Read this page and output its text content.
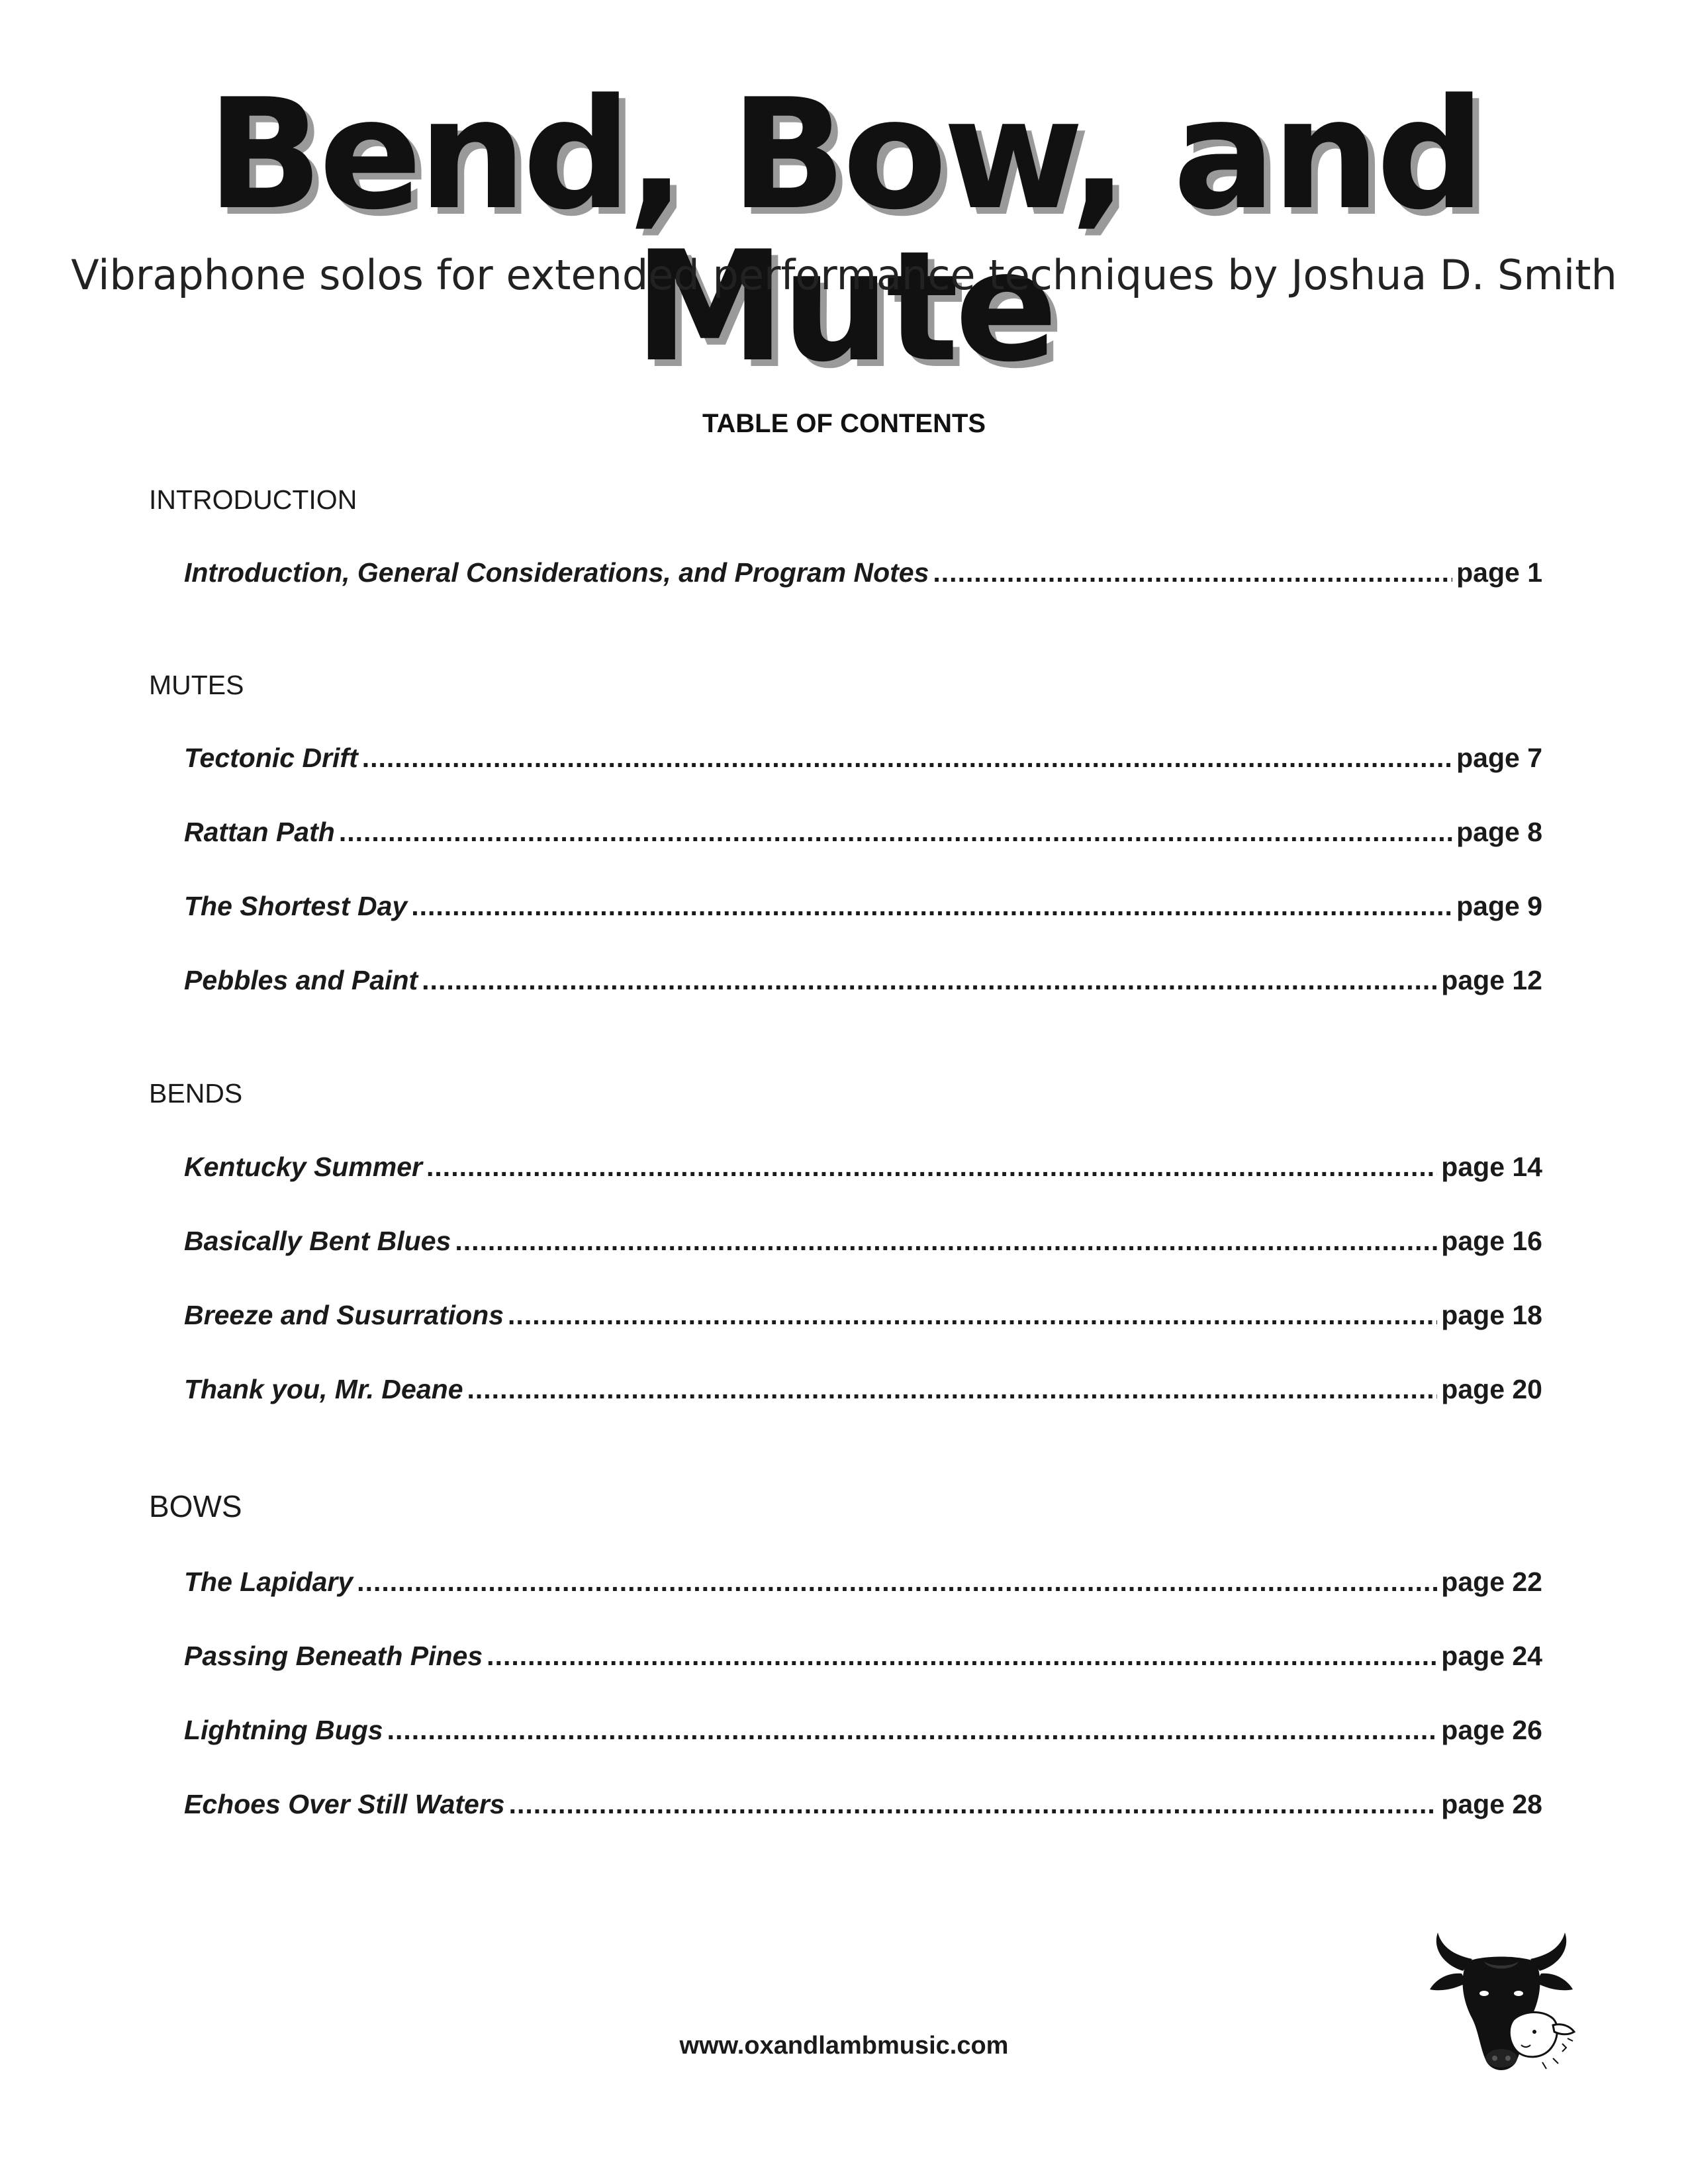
Bend, Bow, and Mute
Vibraphone solos for extended performance techniques by Joshua D. Smith
TABLE OF CONTENTS
INTRODUCTION
Introduction, General Considerations, and Program Notes .....	page 1
MUTES
Tectonic Drift .....	page 7
Rattan Path .....	page 8
The Shortest Day .....	page 9
Pebbles and Paint .....	page 12
BENDS
Kentucky Summer .....	page 14
Basically Bent Blues .....	page 16
Breeze and Susurrations .....	page 18
Thank you, Mr. Deane .....	page 20
BOWS
The Lapidary .....	page 22
Passing Beneath Pines .....	page 24
Lightning Bugs .....	page 26
Echoes Over Still Waters .....	page 28
www.oxandlambmusic.com
